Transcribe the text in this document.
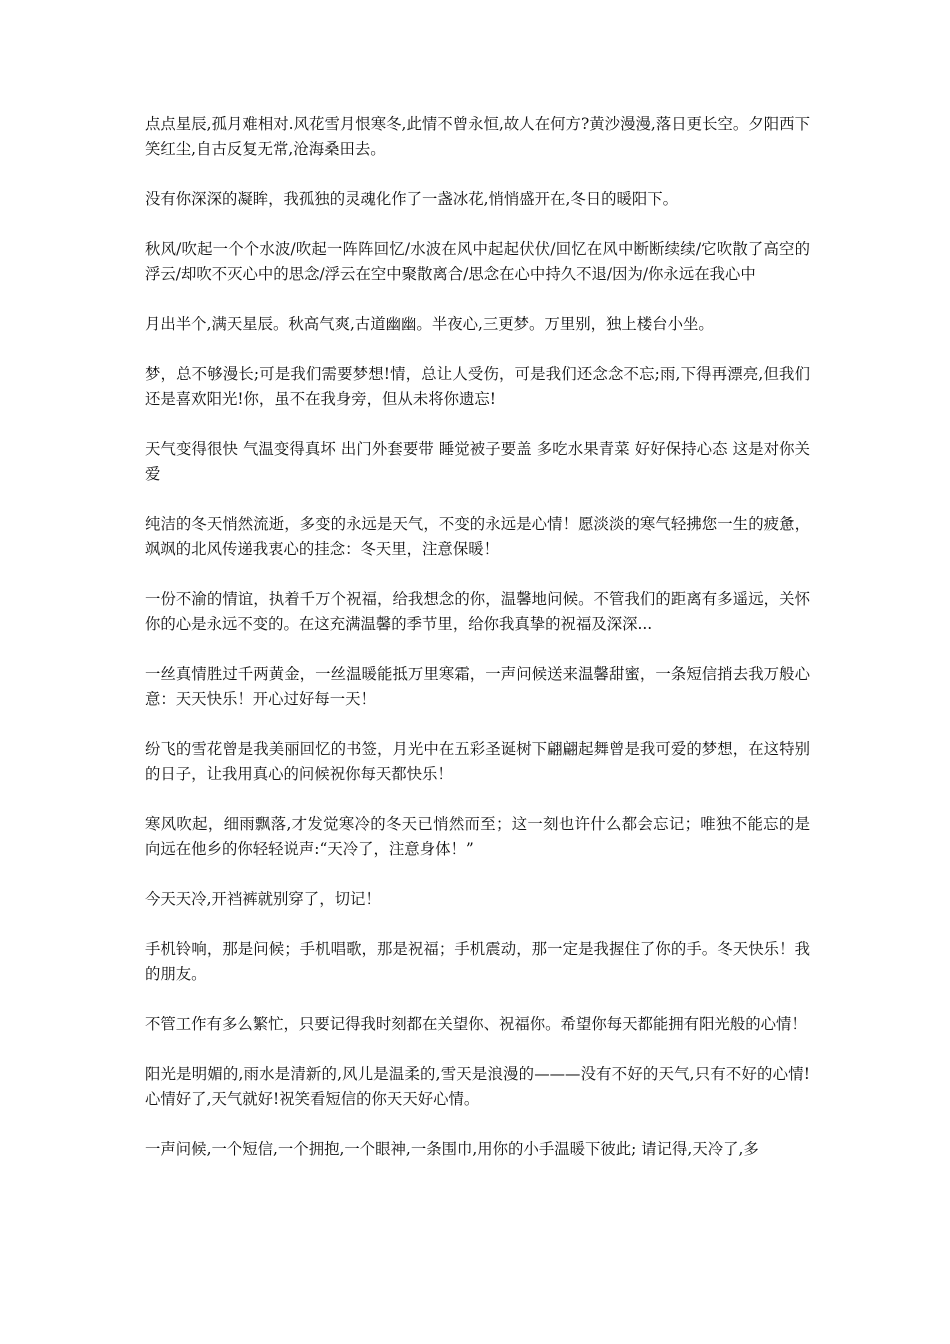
点点星辰,孤月难相对.风花雪月恨寒冬,此情不曾永恒,故人在何方?黄沙漫漫,落日更长空。夕阳西下笑红尘,自古反复无常,沧海桑田去。

没有你深深的凝眸，我孤独的灵魂化作了一盏冰花,悄悄盛开在,冬日的暖阳下。

秋风/吹起一个个水波/吹起一阵阵回忆/水波在风中起起伏伏/回忆在风中断断续续/它吹散了高空的浮云/却吹不灭心中的思念/浮云在空中聚散离合/思念在心中持久不退/因为/你永远在我心中

月出半个,满天星辰。秋高气爽,古道幽幽。半夜心,三更梦。万里别，独上楼台小坐。

梦，总不够漫长;可是我们需要梦想!情，总让人受伤，可是我们还念念不忘;雨,下得再漂亮,但我们还是喜欢阳光!你，虽不在我身旁，但从未将你遗忘!

天气变得很快 气温变得真坏 出门外套要带 睡觉被子要盖 多吃水果青菜 好好保持心态 这是对你关爱

纯洁的冬天悄然流逝，多变的永远是天气，不变的永远是心情！愿淡淡的寒气轻拂您一生的疲惫，飒飒的北风传递我衷心的挂念：冬天里，注意保暖！

一份不渝的情谊，执着千万个祝福，给我想念的你，温馨地问候。不管我们的距离有多遥远，关怀你的心是永远不变的。在这充满温馨的季节里，给你我真挚的祝福及深深...

一丝真情胜过千两黄金，一丝温暖能抵万里寒霜，一声问候送来温馨甜蜜，一条短信捎去我万般心意：天天快乐！开心过好每一天！

纷飞的雪花曾是我美丽回忆的书签，月光中在五彩圣诞树下翩翩起舞曾是我可爱的梦想，在这特别的日子，让我用真心的问候祝你每天都快乐！

寒风吹起，细雨飘落,才发觉寒冷的冬天已悄然而至；这一刻也许什么都会忘记；唯独不能忘的是向远在他乡的你轻轻说声:“天冷了，注意身体！”

今天天冷,开裆裤就别穿了，切记！

手机铃响，那是问候；手机唱歌，那是祝福；手机震动，那一定是我握住了你的手。冬天快乐！我的朋友。

不管工作有多么繁忙，只要记得我时刻都在关望你、祝福你。希望你每天都能拥有阳光般的心情！

阳光是明媚的,雨水是清新的,风儿是温柔的,雪天是浪漫的———没有不好的天气,只有不好的心情!心情好了,天气就好!祝笑看短信的你天天好心情。

一声问候,一个短信,一个拥抱,一个眼神,一条围巾,用你的小手温暖下彼此; 请记得,天冷了,多
